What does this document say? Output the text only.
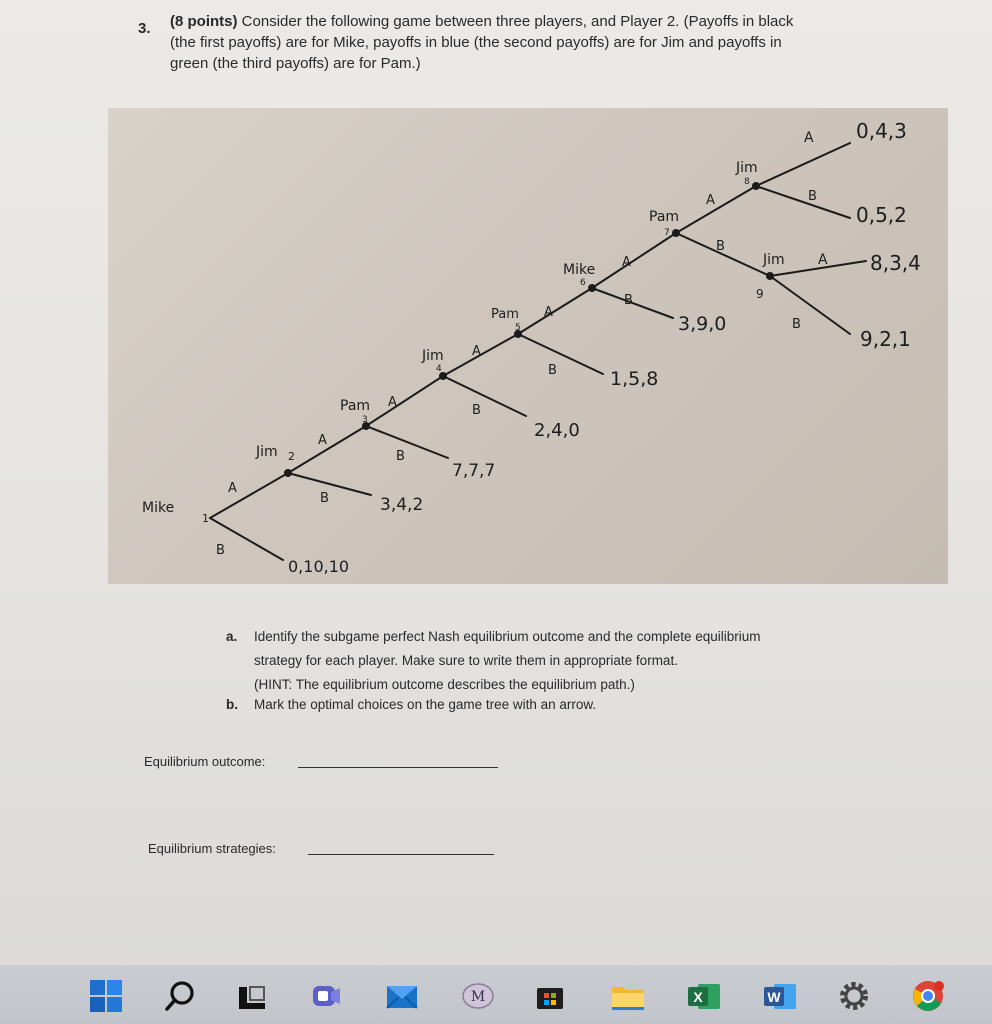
3. (8 points) Consider the following game between three players, and Player 2. (Payoffs in black
(the first payoffs) are for Mike, payoffs in blue (the second payoffs) are for Jim and payoffs in
green (the third payoffs) are for Pam.)
Mike
1
Jim 2
Pam
3
Jim
4
Pam
5
Mike
6
Pam
7
Jim
8
Jim
9
A
B
A
B
A
B
A
B
A
B
A
B
A
B
A
B
A
B
0,10,10
3,4,2
7,7,7
2,4,0
1,5,8
3,9,0
0,4,3
0,5,2
8,3,4
9,2,1
a. Identify the subgame perfect Nash equilibrium outcome and the complete equilibrium
strategy for each player. Make sure to write them in appropriate format.
(HINT: The equilibrium outcome describes the equilibrium path.)
b. Mark the optimal choices on the game tree with an arrow.
Equilibrium outcome:
Equilibrium strategies:
M	X	W
